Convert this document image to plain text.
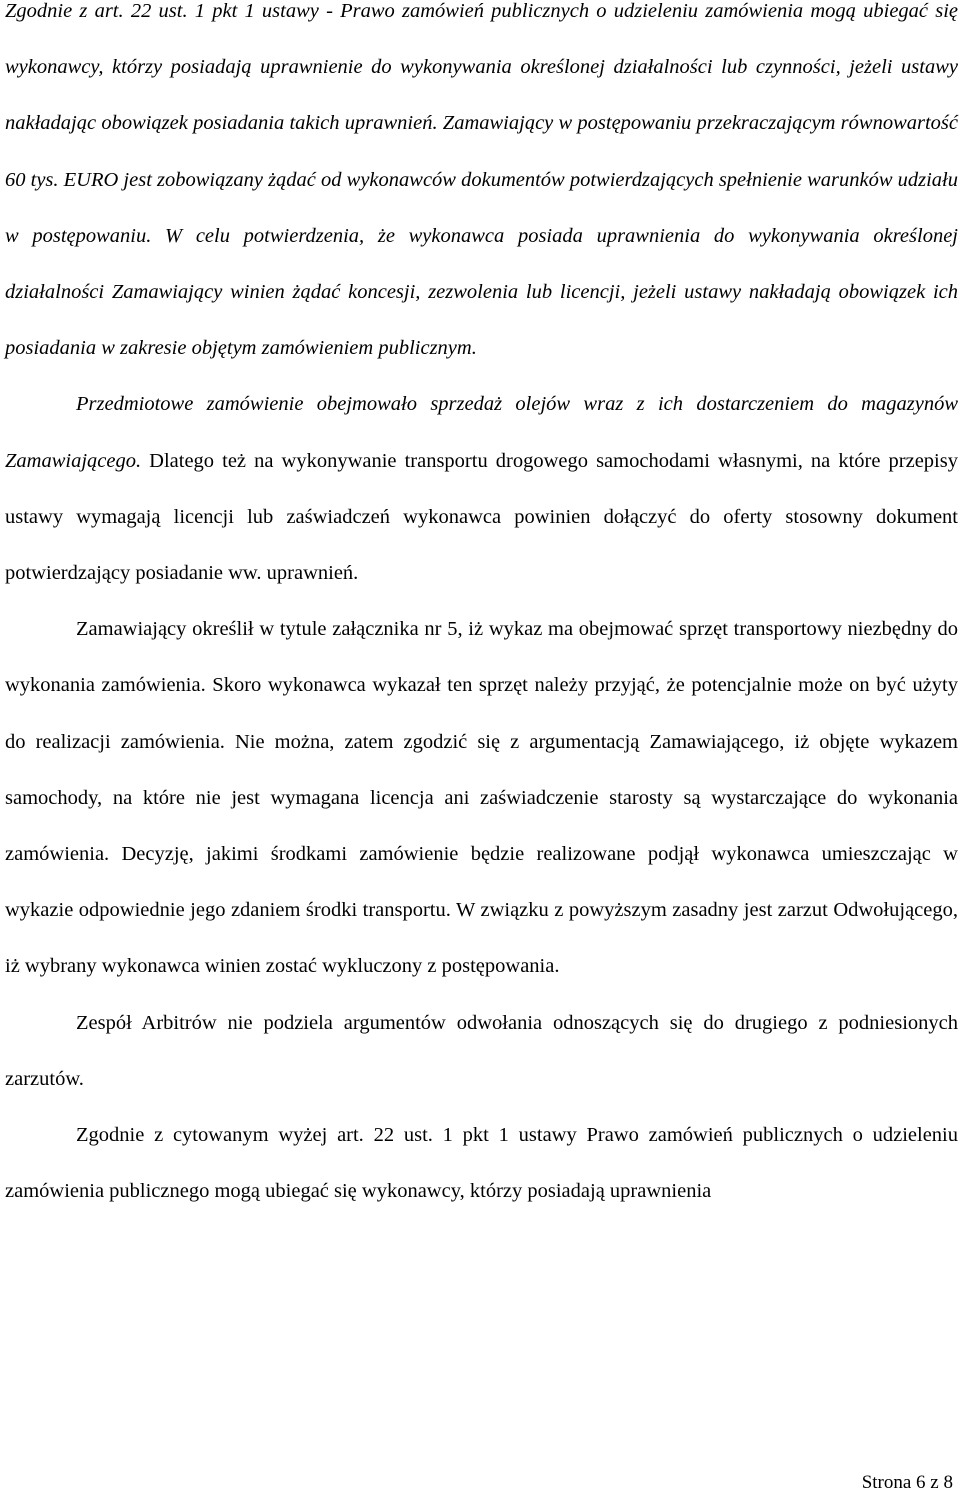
Zgodnie z art. 22 ust. 1 pkt 1 ustawy - Prawo zamówień publicznych o udzieleniu zamówienia mogą ubiegać się wykonawcy, którzy posiadają uprawnienie do wykonywania określonej działalności lub czynności, jeżeli ustawy nakładając obowiązek posiadania takich uprawnień. Zamawiający w postępowaniu przekraczającym równowartość 60 tys. EURO jest zobowiązany żądać od wykonawców dokumentów potwierdzających spełnienie warunków udziału w postępowaniu. W celu potwierdzenia, że wykonawca posiada uprawnienia do wykonywania określonej działalności Zamawiający winien żądać koncesji, zezwolenia lub licencji, jeżeli ustawy nakładają obowiązek ich posiadania w zakresie objętym zamówieniem publicznym.

Przedmiotowe zamówienie obejmowało sprzedaż olejów wraz z ich dostarczeniem do magazynów Zamawiającego. Dlatego też na wykonywanie transportu drogowego samochodami własnymi, na które przepisy ustawy wymagają licencji lub zaświadczeń wykonawca powinien dołączyć do oferty stosowny dokument potwierdzający posiadanie ww. uprawnień.

Zamawiający określił w tytule załącznika nr 5, iż wykaz ma obejmować sprzęt transportowy niezbędny do wykonania zamówienia. Skoro wykonawca wykazał ten sprzęt należy przyjąć, że potencjalnie może on być użyty do realizacji zamówienia. Nie można, zatem zgodzić się z argumentacją Zamawiającego, iż objęte wykazem samochody, na które nie jest wymagana licencja ani zaświadczenie starosty są wystarczające do wykonania zamówienia. Decyzję, jakimi środkami zamówienie będzie realizowane podjął wykonawca umieszczając w wykazie odpowiednie jego zdaniem środki transportu. W związku z powyższym zasadny jest zarzut Odwołującego, iż wybrany wykonawca winien zostać wykluczony z postępowania.

Zespół Arbitrów nie podziela argumentów odwołania odnoszących się do drugiego z podniesionych zarzutów.

Zgodnie z cytowanym wyżej art. 22 ust. 1 pkt 1 ustawy Prawo zamówień publicznych o udzieleniu zamówienia publicznego mogą ubiegać się wykonawcy, którzy posiadają uprawnienia

Strona 6 z 8
